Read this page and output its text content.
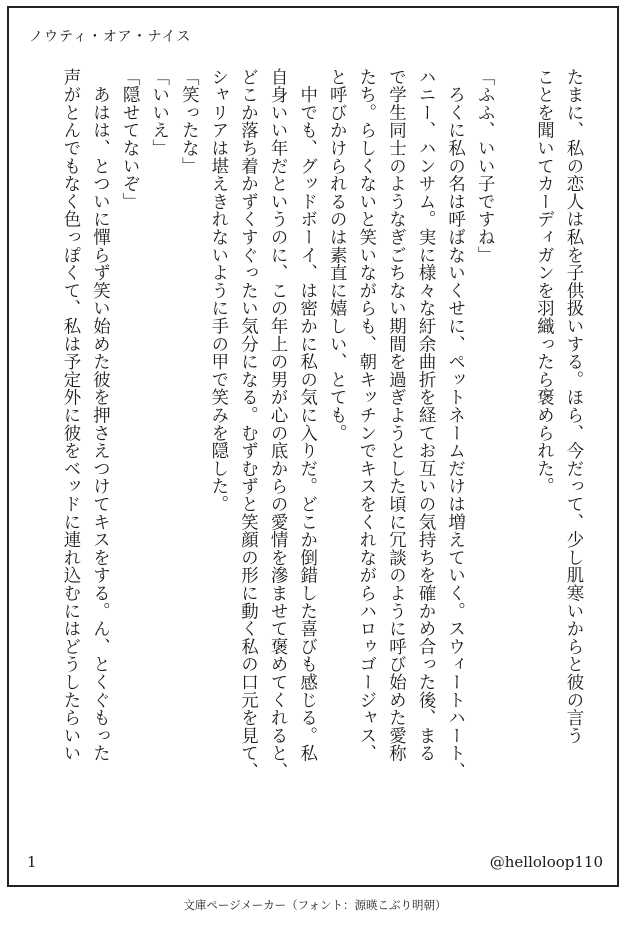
ノウティ・オア・ナイス
たまに、私の恋人は私を子供扱いする。ほら、今だって、少し肌寒いからと彼の言う
ことを聞いてカーディガンを羽織ったら褒められた。

「ふふ、いい子ですね」
　ろくに私の名は呼ばないくせに、ペットネームだけは増えていく。スウィートハート、
ハニー、ハンサム。実に様々な紆余曲折を経てお互いの気持ちを確かめ合った後、まる
で学生同士のようなぎごちない期間を過ぎようとした頃に冗談のように呼び始めた愛称
たち。らしくないと笑いながらも、朝キッチンでキスをくれながらハロゥゴージャス、
と呼びかけられるのは素直に嬉しい、とても。
　中でも、グッドボーイ、は密かに私の気に入りだ。どこか倒錯した喜びも感じる。私
自身いい年だというのに、この年上の男が心の底からの愛情を滲ませて褒めてくれると、
どこか落ち着かずくすぐったい気分になる。むずむずと笑顔の形に動く私の口元を見て、
シャリアは堪えきれないように手の甲で笑みを隠した。
「笑ったな」
「いいえ」
「隠せてないぞ」
　あはは、とついに憚らず笑い始めた彼を押さえつけてキスをする。ん、とくぐもった
声がとんでもなく色っぽくて、私は予定外に彼をベッドに連れ込むにはどうしたらいい
1	@helloloop110
文庫ページメーカー（フォント：源暎こぶり明朝）
